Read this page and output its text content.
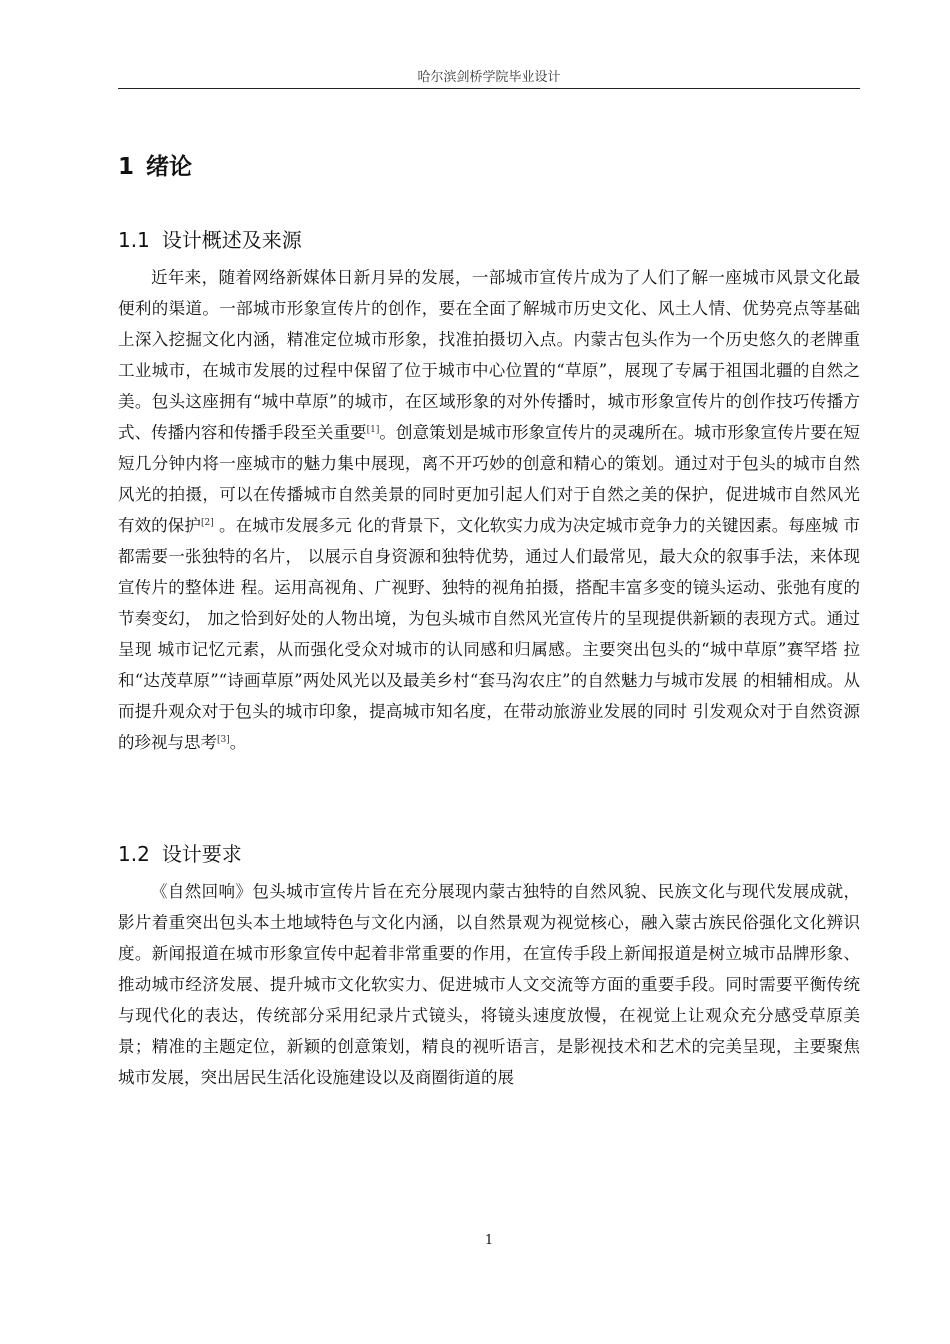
哈尔滨剑桥学院毕业设计
1 绪论
1.1 设计概述及来源

近年来，随着网络新媒体日新月异的发展，一部城市宣传片成为了人们了解一座城市风景文化最便利的渠道。一部城市形象宣传片的创作，要在全面了解城市历史文化、风土人情、优势亮点等基础上深入挖掘文化内涵，精准定位城市形象，找准拍摄切入点。内蒙古包头作为一个历史悠久的老牌重工业城市，在城市发展的过程中保留了位于城市中心位置的“草原”，展现了专属于祖国北疆的自然之美。包头这座拥有“城中草原”的城市，在区域形象的对外传播时，城市形象宣传片的创作技巧传播方式、传播内容和传播手段至关重要[1]。创意策划是城市形象宣传片的灵魂所在。城市形象宣传片要在短短几分钟内将一座城市的魅力集中展现，离不开巧妙的创意和精心的策划。通过对于包头的城市自然风光的拍摄，可以在传播城市自然美景的同时更加引起人们对于自然之美的保护，促进城市自然风光有效的保护[2] 。在城市发展多元 化的背景下，文化软实力成为决定城市竞争力的关键因素。每座城 市都需要一张独特的名片， 以展示自身资源和独特优势，通过人们最常见，最大众的叙事手法，来体现宣传片的整体进 程。运用高视角、广视野、独特的视角拍摄，搭配丰富多变的镜头运动、张弛有度的节奏变幻， 加之恰到好处的人物出境，为包头城市自然风光宣传片的呈现提供新颖的表现方式。通过呈现 城市记忆元素，从而强化受众对城市的认同感和归属感。主要突出包头的“城中草原”赛罕塔 拉和“达茂草原”“诗画草原”两处风光以及最美乡村“套马沟农庄”的自然魅力与城市发展 的相辅相成。从而提升观众对于包头的城市印象，提高城市知名度，在带动旅游业发展的同时 引发观众对于自然资源的珍视与思考[3]。

1.2 设计要求

《自然回响》包头城市宣传片旨在充分展现内蒙古独特的自然风貌、民族文化与现代发展成就，影片着重突出包头本土地域特色与文化内涵，以自然景观为视觉核心，融入蒙古族民俗强化文化辨识度。新闻报道在城市形象宣传中起着非常重要的作用，在宣传手段上新闻报道是树立城市品牌形象、推动城市经济发展、提升城市文化软实力、促进城市人文交流等方面的重要手段。同时需要平衡传统与现代化的表达，传统部分采用纪录片式镜头，将镜头速度放慢，在视觉上让观众充分感受草原美景；精准的主题定位，新颖的创意策划，精良的视听语言，是影视技术和艺术的完美呈现，主要聚焦城市发展，突出居民生活化设施建设以及商圈街道的展

1
